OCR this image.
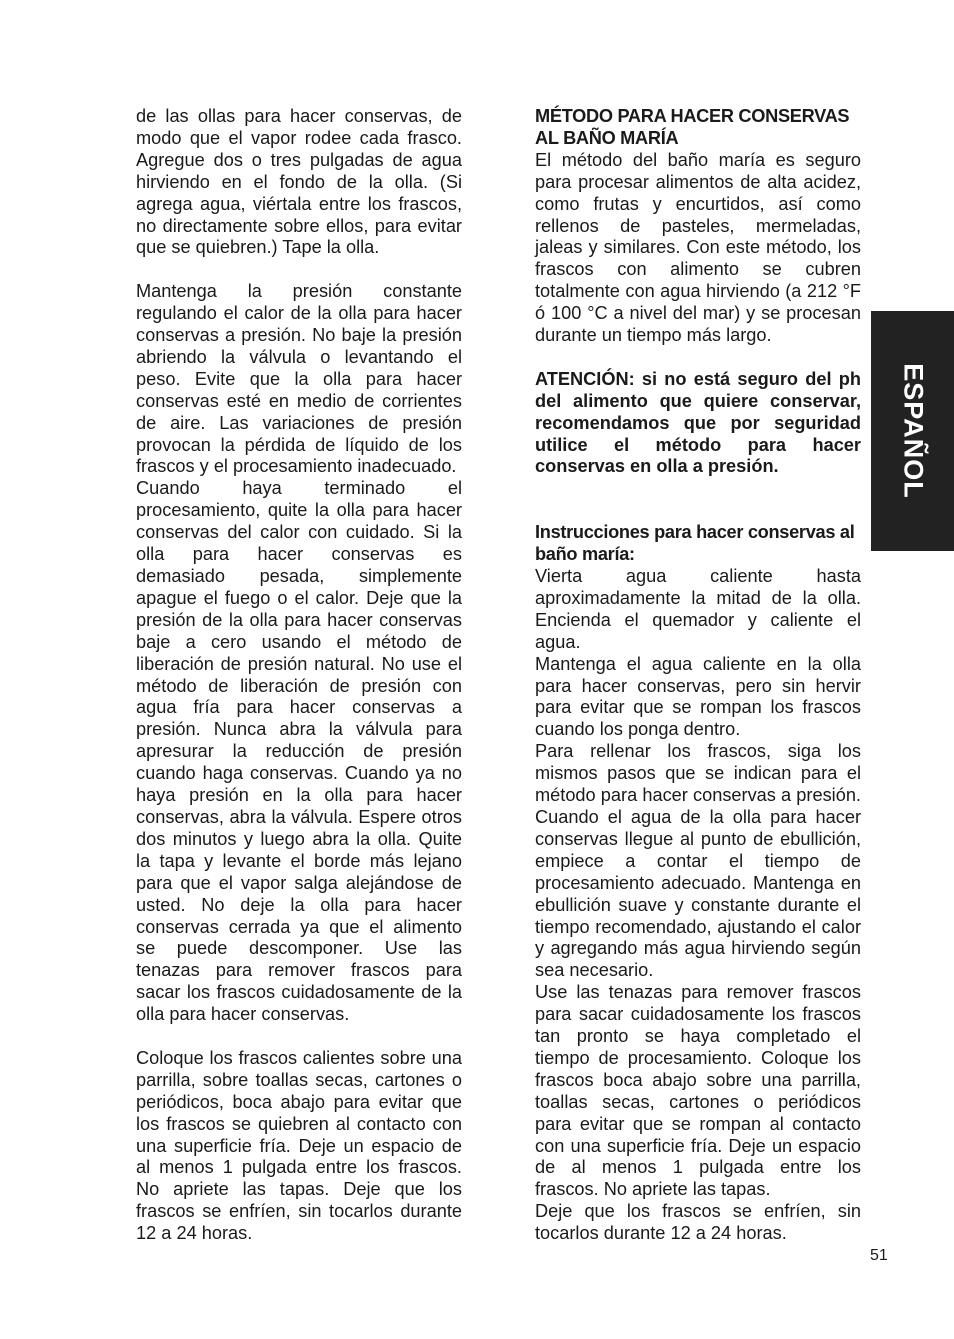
de las ollas para hacer conservas, de modo que el vapor rodee cada frasco. Agregue dos o tres pulgadas de agua hirviendo en el fondo de la olla. (Si agrega agua, viértala entre los frascos, no directamente sobre ellos, para evitar que se quiebren.) Tape la olla.

Mantenga la presión constante regulando el calor de la olla para hacer conservas a presión. No baje la presión abriendo la válvula o levantando el peso. Evite que la olla para hacer conservas esté en medio de corrientes de aire. Las variaciones de presión provocan la pérdida de líquido de los frascos y el procesamiento inadecuado.

Cuando haya terminado el procesamiento, quite la olla para hacer conservas del calor con cuidado. Si la olla para hacer conservas es demasiado pesada, simplemente apague el fuego o el calor. Deje que la presión de la olla para hacer conservas baje a cero usando el método de liberación de presión natural. No use el método de liberación de presión con agua fría para hacer conservas a presión. Nunca abra la válvula para apresurar la reducción de presión cuando haga conservas. Cuando ya no haya presión en la olla para hacer conservas, abra la válvula. Espere otros dos minutos y luego abra la olla. Quite la tapa y levante el borde más lejano para que el vapor salga alejándose de usted. No deje la olla para hacer conservas cerrada ya que el alimento se puede descomponer. Use las tenazas para remover frascos para sacar los frascos cuidadosamente de la olla para hacer conservas.

Coloque los frascos calientes sobre una parrilla, sobre toallas secas, cartones o periódicos, boca abajo para evitar que los frascos se quiebren al contacto con una superficie fría. Deje un espacio de al menos 1 pulgada entre los frascos. No apriete las tapas. Deje que los frascos se enfríen, sin tocarlos durante 12 a 24 horas.

MÉTODO PARA HACER CONSERVAS AL BAÑO MARÍA

El método del baño maría es seguro para procesar alimentos de alta acidez, como frutas y encurtidos, así como rellenos de pasteles, mermeladas, jaleas y similares. Con este método, los frascos con alimento se cubren totalmente con agua hirviendo (a 212 °F ó 100 °C a nivel del mar) y se procesan durante un tiempo más largo.

ATENCIÓN: si no está seguro del ph del alimento que quiere conservar, recomendamos que por seguridad utilice el método para hacer conservas en olla a presión.

Instrucciones para hacer conservas al baño maría:

Vierta agua caliente hasta aproximadamente la mitad de la olla. Encienda el quemador y caliente el agua.

Mantenga el agua caliente en la olla para hacer conservas, pero sin hervir para evitar que se rompan los frascos cuando los ponga dentro.

Para rellenar los frascos, siga los mismos pasos que se indican para el método para hacer conservas a presión. Cuando el agua de la olla para hacer conservas llegue al punto de ebullición, empiece a contar el tiempo de procesamiento adecuado. Mantenga en ebullición suave y constante durante el tiempo recomendado, ajustando el calor y agregando más agua hirviendo según sea necesario.

Use las tenazas para remover frascos para sacar cuidadosamente los frascos tan pronto se haya completado el tiempo de procesamiento. Coloque los frascos boca abajo sobre una parrilla, toallas secas, cartones o periódicos para evitar que se rompan al contacto con una superficie fría. Deje un espacio de al menos 1 pulgada entre los frascos. No apriete las tapas.

Deje que los frascos se enfríen, sin tocarlos durante 12 a 24 horas.

ESPAÑOL
51
